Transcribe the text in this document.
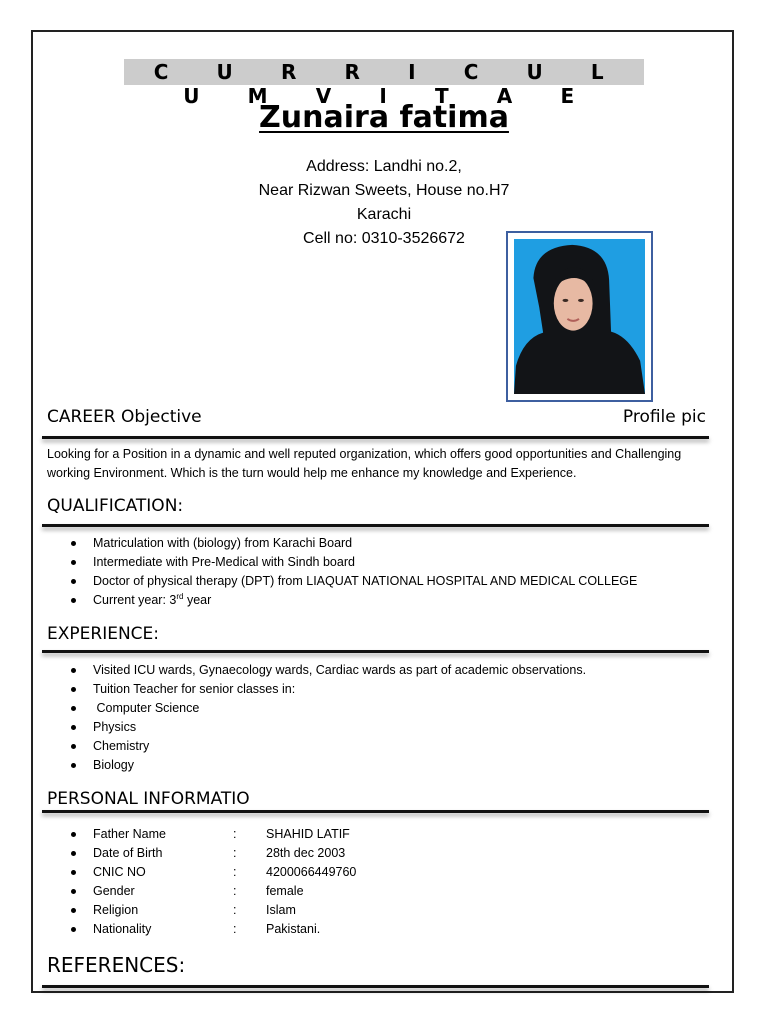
C U R R I C U L U M V I T A E
Zunaira fatima
Address: Landhi no.2,
Near Rizwan Sweets, House no.H7
Karachi
Cell no: 0310-3526672
CAREER Objective	Profile pic
Looking for a Position in a dynamic and well reputed organization, which offers good opportunities and Challenging working Environment. Which is the turn would help me enhance my knowledge and Experience.
QUALIFICATION:
Matriculation with (biology) from Karachi Board
Intermediate with Pre-Medical with Sindh board
Doctor of physical therapy (DPT) from LIAQUAT NATIONAL HOSPITAL AND MEDICAL COLLEGE
Current year: 3rd year
EXPERIENCE:
Visited ICU wards, Gynaecology wards, Cardiac wards as part of academic observations.
Tuition Teacher for senior classes in:
Computer Science
Physics
Chemistry
Biology
PERSONAL INFORMATIO
Father Name	: SHAHID LATIF
Date of Birth	: 28th dec 2003
CNIC NO	: 4200066449760
Gender	: female
Religion	: Islam
Nationality	: Pakistani.
REFERENCES:
